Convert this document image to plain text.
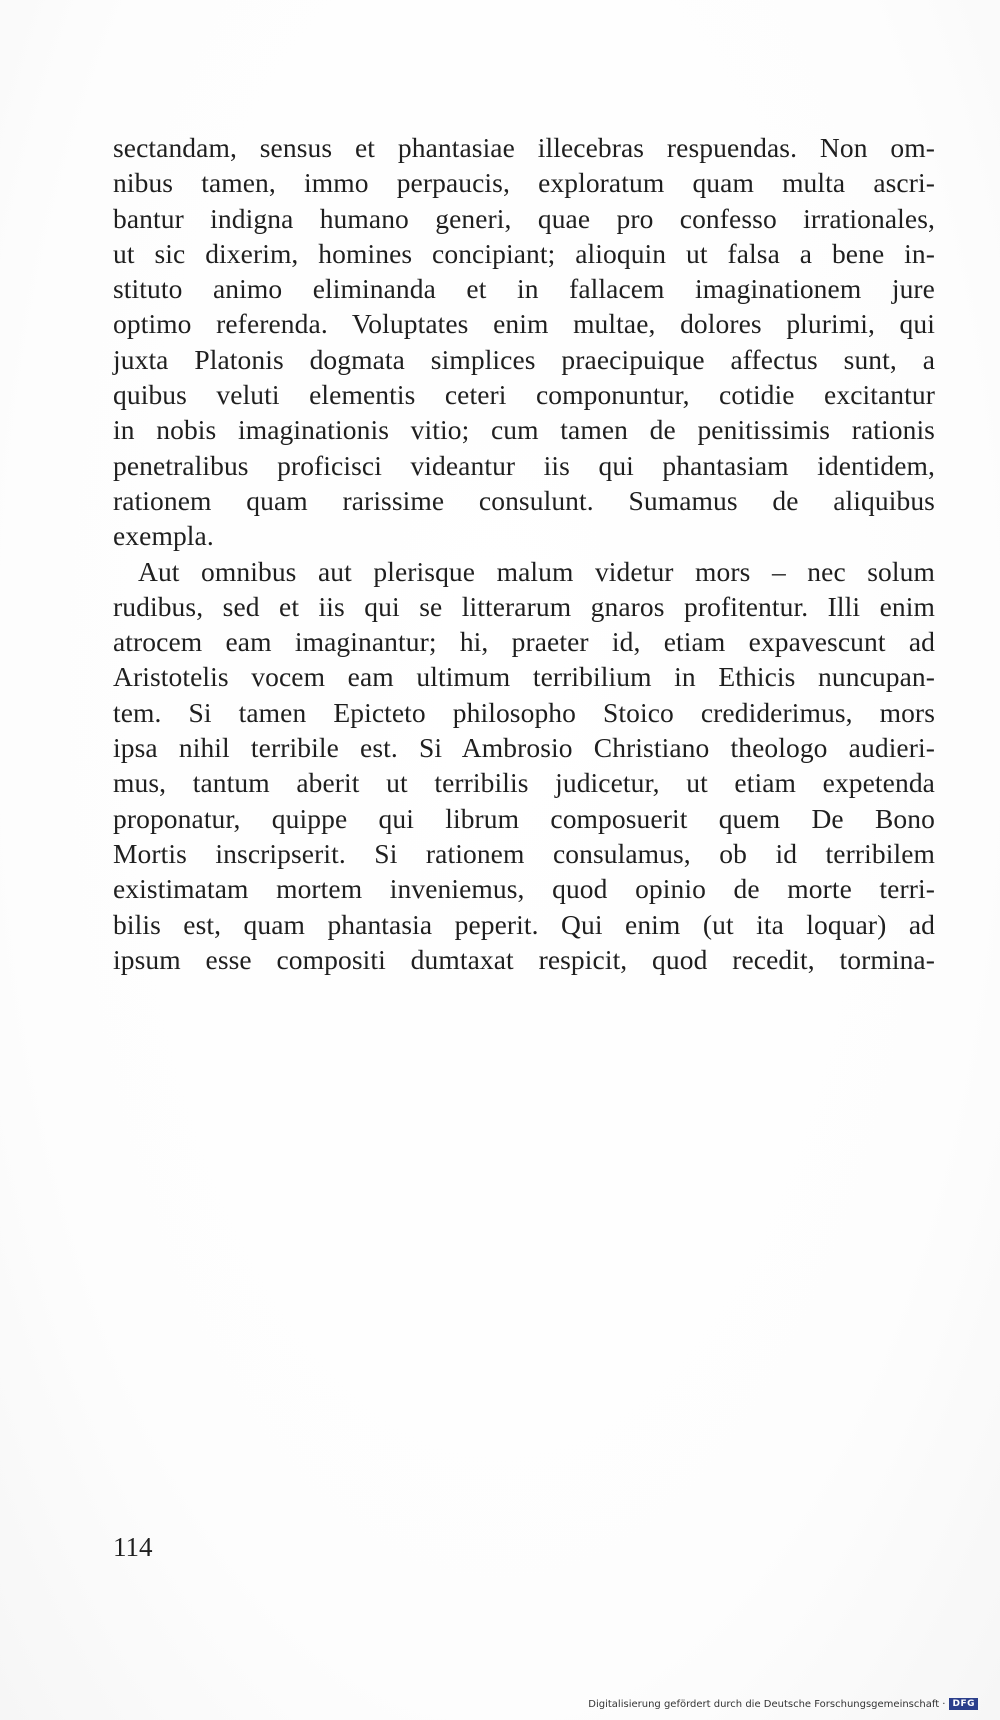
sectandam, sensus et phantasiae illecebras respuendas. Non om-
nibus tamen, immo perpaucis, exploratum quam multa ascri-
bantur indigna humano generi, quae pro confesso irrationales,
ut sic dixerim, homines concipiant; alioquin ut falsa a bene in-
stituto animo eliminanda et in fallacem imaginationem jure
optimo referenda. Voluptates enim multae, dolores plurimi, qui
juxta Platonis dogmata simplices praecipuique affectus sunt, a
quibus veluti elementis ceteri componuntur, cotidie excitantur
in nobis imaginationis vitio; cum tamen de penitissimis rationis
penetralibus proficisci videantur iis qui phantasiam identidem,
rationem quam rarissime consulunt. Sumamus de aliquibus
exempla.
Aut omnibus aut plerisque malum videtur mors – nec solum
rudibus, sed et iis qui se litterarum gnaros profitentur. Illi enim
atrocem eam imaginantur; hi, praeter id, etiam expavescunt ad
Aristotelis vocem eam ultimum terribilium in Ethicis nuncupan-
tem. Si tamen Epicteto philosopho Stoico crediderimus, mors
ipsa nihil terribile est. Si Ambrosio Christiano theologo audieri-
mus, tantum aberit ut terribilis judicetur, ut etiam expetenda
proponatur, quippe qui librum composuerit quem De Bono
Mortis inscripserit. Si rationem consulamus, ob id terribilem
existimatam mortem inveniemus, quod opinio de morte terri-
bilis est, quam phantasia peperit. Qui enim (ut ita loquar) ad
ipsum esse compositi dumtaxat respicit, quod recedit, tormina-
114
Digitalisierung gefördert durch die Deutsche Forschungsgemeinschaft · DFG
